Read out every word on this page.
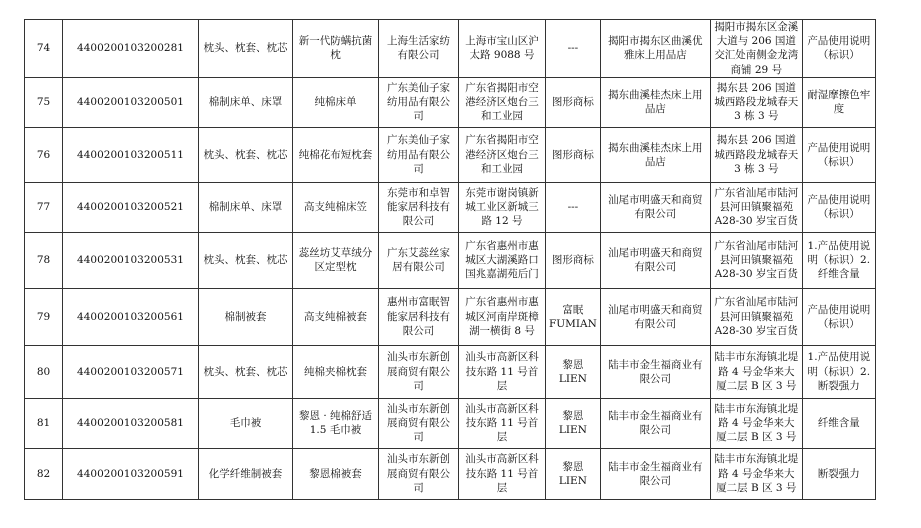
74	4400200103200281	枕头、枕套、枕芯	新一代防螨抗菌枕	上海生活家纺有限公司	上海市宝山区沪太路 9088 号	---	揭阳市揭东区曲溪优雅床上用品店	揭阳市揭东区金溪大道与 206 国道交汇处南侧金龙湾商铺 29 号	产品使用说明（标识）
75	4400200103200501	棉制床单、床罩	纯棉床单	广东美仙子家纺用品有限公司	广东省揭阳市空港经济区炮台三和工业园	图形商标	揭东曲溪桂杰床上用品店	揭东县 206 国道城西路段龙城春天 3 栋 3 号	耐湿摩擦色牢度
76	4400200103200511	枕头、枕套、枕芯	纯棉花布短枕套	广东美仙子家纺用品有限公司	广东省揭阳市空港经济区炮台三和工业园	图形商标	揭东曲溪桂杰床上用品店	揭东县 206 国道城西路段龙城春天 3 栋 3 号	产品使用说明（标识）
77	4400200103200521	棉制床单、床罩	高支纯棉床笠	东莞市和卓智能家居科技有限公司	东莞市谢岗镇新城工业区新城三路 12 号	---	汕尾市明盛天和商贸有限公司	广东省汕尾市陆河县河田镇聚福苑 A28-30 岁宝百货	产品使用说明（标识）
78	4400200103200531	枕头、枕套、枕芯	蕊丝坊艾草绒分区定型枕	广东艾蕊丝家居有限公司	广东省惠州市惠城区大湖溪路口国兆嘉湖苑后门	图形商标	汕尾市明盛天和商贸有限公司	广东省汕尾市陆河县河田镇聚福苑 A28-30 岁宝百货	1.产品使用说明（标识）2.纤维含量
79	4400200103200561	棉制被套	高支纯棉被套	惠州市富眠智能家居科技有限公司	广东省惠州市惠城区河南岸斑樟湖一横街 8 号	富眠 FUMIAN	汕尾市明盛天和商贸有限公司	广东省汕尾市陆河县河田镇聚福苑 A28-30 岁宝百货	产品使用说明（标识）
80	4400200103200571	枕头、枕套、枕芯	纯棉夹棉枕套	汕头市东新创展商贸有限公司	汕头市高新区科技东路 11 号首层	黎恩 LIEN	陆丰市金生福商业有限公司	陆丰市东海镇北堤路 4 号金华来大厦二层 B 区 3 号	1.产品使用说明（标识）2.断裂强力
81	4400200103200581	毛巾被	黎恩 · 纯棉舒适 1.5 毛巾被	汕头市东新创展商贸有限公司	汕头市高新区科技东路 11 号首层	黎恩 LIEN	陆丰市金生福商业有限公司	陆丰市东海镇北堤路 4 号金华来大厦二层 B 区 3 号	纤维含量
82	4400200103200591	化学纤维制被套	黎恩棉被套	汕头市东新创展商贸有限公司	汕头市高新区科技东路 11 号首层	黎恩 LIEN	陆丰市金生福商业有限公司	陆丰市东海镇北堤路 4 号金华来大厦二层 B 区 3 号	断裂强力
